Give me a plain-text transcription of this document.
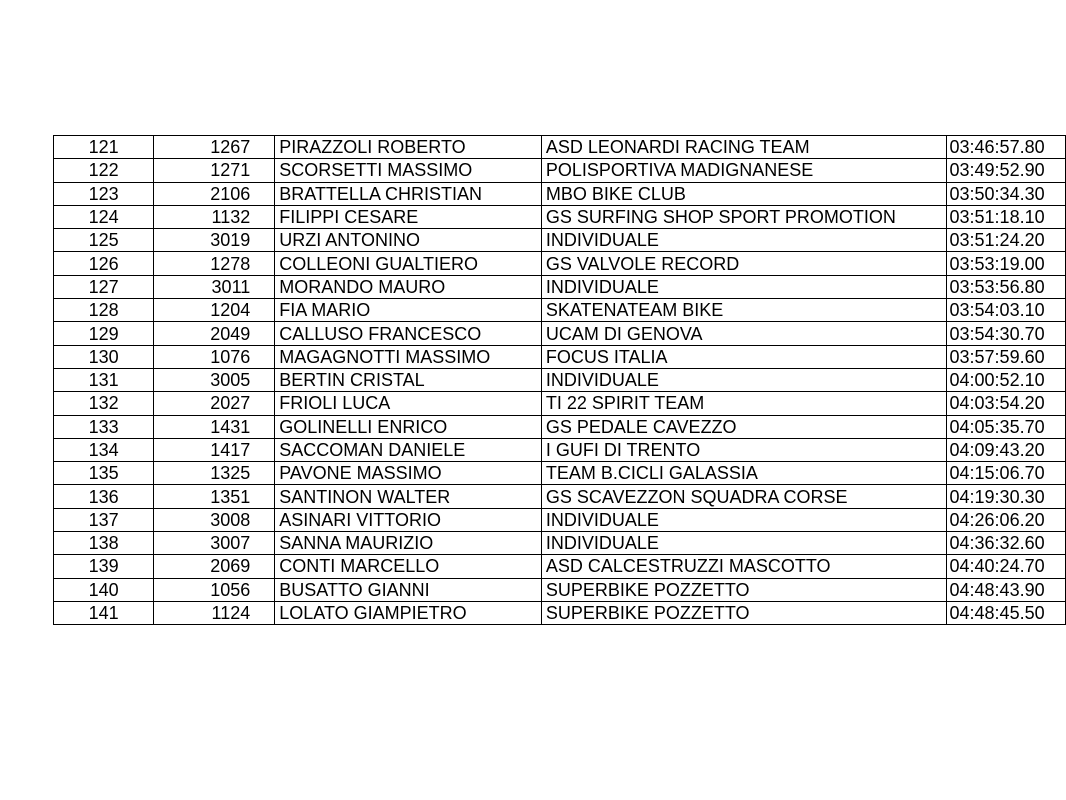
121	1267	PIRAZZOLI ROBERTO	ASD LEONARDI RACING TEAM	03:46:57.80
122	1271	SCORSETTI MASSIMO	POLISPORTIVA MADIGNANESE	03:49:52.90
123	2106	BRATTELLA CHRISTIAN	MBO BIKE CLUB	03:50:34.30
124	1132	FILIPPI CESARE	GS SURFING SHOP SPORT PROMOTION	03:51:18.10
125	3019	URZI ANTONINO	INDIVIDUALE	03:51:24.20
126	1278	COLLEONI GUALTIERO	GS VALVOLE RECORD	03:53:19.00
127	3011	MORANDO MAURO	INDIVIDUALE	03:53:56.80
128	1204	FIA MARIO	SKATENATEAM BIKE	03:54:03.10
129	2049	CALLUSO FRANCESCO	UCAM DI GENOVA	03:54:30.70
130	1076	MAGAGNOTTI MASSIMO	FOCUS ITALIA	03:57:59.60
131	3005	BERTIN CRISTAL	INDIVIDUALE	04:00:52.10
132	2027	FRIOLI LUCA	TI 22 SPIRIT TEAM	04:03:54.20
133	1431	GOLINELLI ENRICO	GS PEDALE CAVEZZO	04:05:35.70
134	1417	SACCOMAN DANIELE	I GUFI DI TRENTO	04:09:43.20
135	1325	PAVONE MASSIMO	TEAM B.CICLI GALASSIA	04:15:06.70
136	1351	SANTINON WALTER	GS SCAVEZZON SQUADRA CORSE	04:19:30.30
137	3008	ASINARI VITTORIO	INDIVIDUALE	04:26:06.20
138	3007	SANNA MAURIZIO	INDIVIDUALE	04:36:32.60
139	2069	CONTI MARCELLO	ASD CALCESTRUZZI MASCOTTO	04:40:24.70
140	1056	BUSATTO GIANNI	SUPERBIKE POZZETTO	04:48:43.90
141	1124	LOLATO GIAMPIETRO	SUPERBIKE POZZETTO	04:48:45.50
